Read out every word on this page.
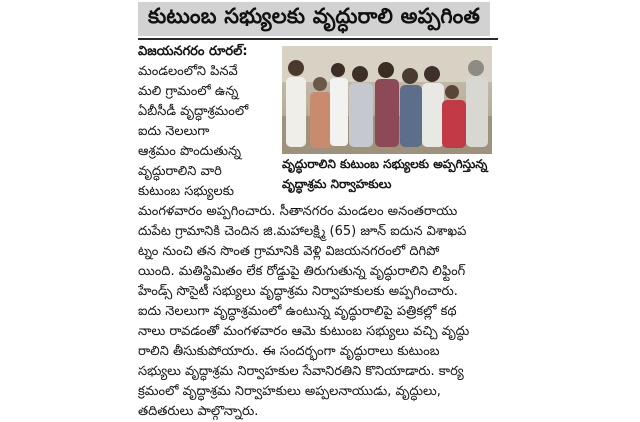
కుటుంబ సభ్యులకు వృద్ధురాలి అప్పగింత
విజయనగరం రూరల్:
మండలంలోని పినవే
మలి గ్రామంలో ఉన్న
ఏబీసీడీ వృద్ధాశ్రమంలో
ఐదు నెలలుగా
ఆశ్రమం పొందుతున్న
వృద్ధురాలిని వారి
కుటుంబ సభ్యులకు
వృద్ధురాలిని కుటుంబ సభ్యులకు అప్పగిస్తున్న
వృద్ధాశ్రమ నిర్వాహకులు
మంగళవారం అప్పగించారు. సీతానగరం మండలం అనంతరాయు
దుపేట గ్రామానికి చెందిన జి.మహాలక్ష్మి (65) జూన్ ఐదున విశాఖప
ట్నం నుంచి తన సొంత గ్రామానికి వెళ్లి విజయనగరంలో దిగిపో
యింది. మతిస్థిమితం లేక రోడ్డుపై తిరుగుతున్న వృద్ధురాలిని లిఫ్టింగ్
హేండ్స్ సొసైటీ సభ్యులు వృద్ధాశ్రమ నిర్వాహకులకు అప్పగించారు.
ఐదు నెలలుగా వృద్ధాశ్రమంలో ఉంటున్న వృద్ధురాలిపై పత్రికల్లో కథ
నాలు రావడంతో మంగళవారం ఆమె కుటుంబ సభ్యులు వచ్చి వృద్ధు
రాలిని తీసుకుపోయారు. ఈ సందర్భంగా వృద్ధురాలు కుటుంబ
సభ్యులు వృద్ధాశ్రమ నిర్వాహకుల సేవానిరతిని కొనియాడారు. కార్య
క్రమంలో వృద్ధాశ్రమ నిర్వాహకులు అప్పలనాయుడు, వృద్ధులు,
తదితరులు పాల్గొన్నారు.
